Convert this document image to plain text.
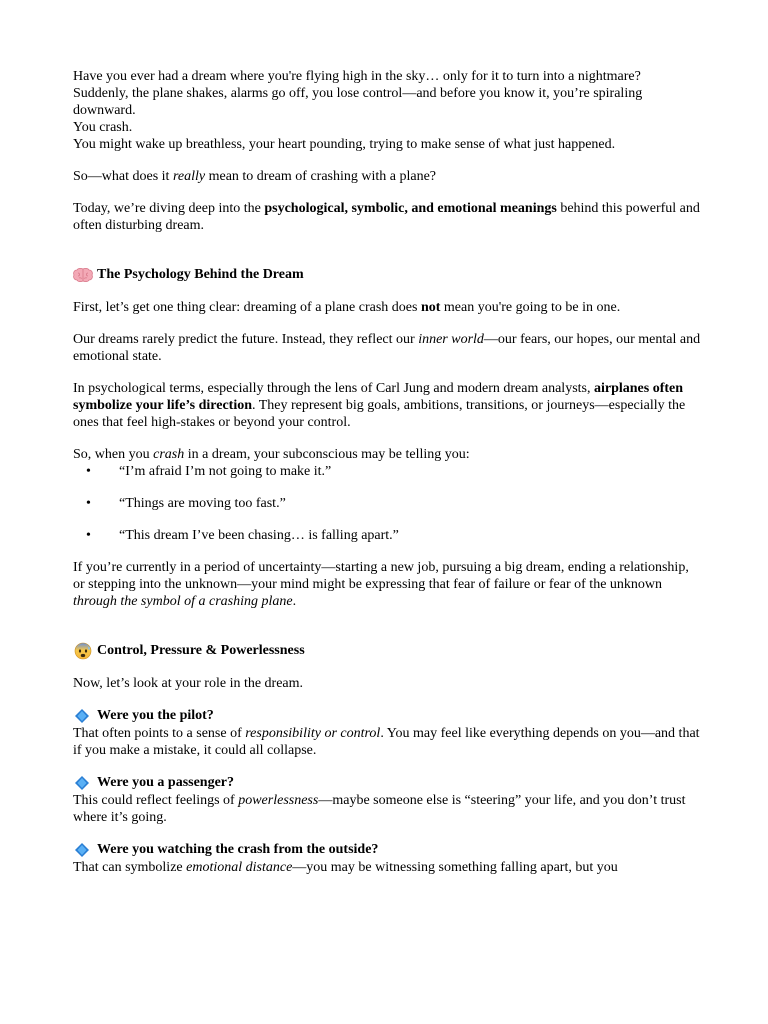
Have you ever had a dream where you're flying high in the sky… only for it to turn into a nightmare?

Suddenly, the plane shakes, alarms go off, you lose control—and before you know it, you’re spiraling downward.

You crash.

You might wake up breathless, your heart pounding, trying to make sense of what just happened.

So—what does it really mean to dream of crashing with a plane?

Today, we’re diving deep into the psychological, symbolic, and emotional meanings behind this powerful and often disturbing dream.

The Psychology Behind the Dream

First, let’s get one thing clear: dreaming of a plane crash does not mean you're going to be in one.

Our dreams rarely predict the future. Instead, they reflect our inner world—our fears, our hopes, our mental and emotional state.

In psychological terms, especially through the lens of Carl Jung and modern dream analysts, airplanes often symbolize your life’s direction. They represent big goals, ambitions, transitions, or journeys—especially the ones that feel high-stakes or beyond your control.

So, when you crash in a dream, your subconscious may be telling you:

• “I’m afraid I’m not going to make it.”
• “Things are moving too fast.”
• “This dream I’ve been chasing… is falling apart.”

If you’re currently in a period of uncertainty—starting a new job, pursuing a big dream, ending a relationship, or stepping into the unknown—your mind might be expressing that fear of failure or fear of the unknown through the symbol of a crashing plane.

Control, Pressure & Powerlessness

Now, let’s look at your role in the dream.

Were you the pilot?

That often points to a sense of responsibility or control. You may feel like everything depends on you—and that if you make a mistake, it could all collapse.

Were you a passenger?

This could reflect feelings of powerlessness—maybe someone else is “steering” your life, and you don’t trust where it’s going.

Were you watching the crash from the outside?

That can symbolize emotional distance—you may be witnessing something falling apart, but you
